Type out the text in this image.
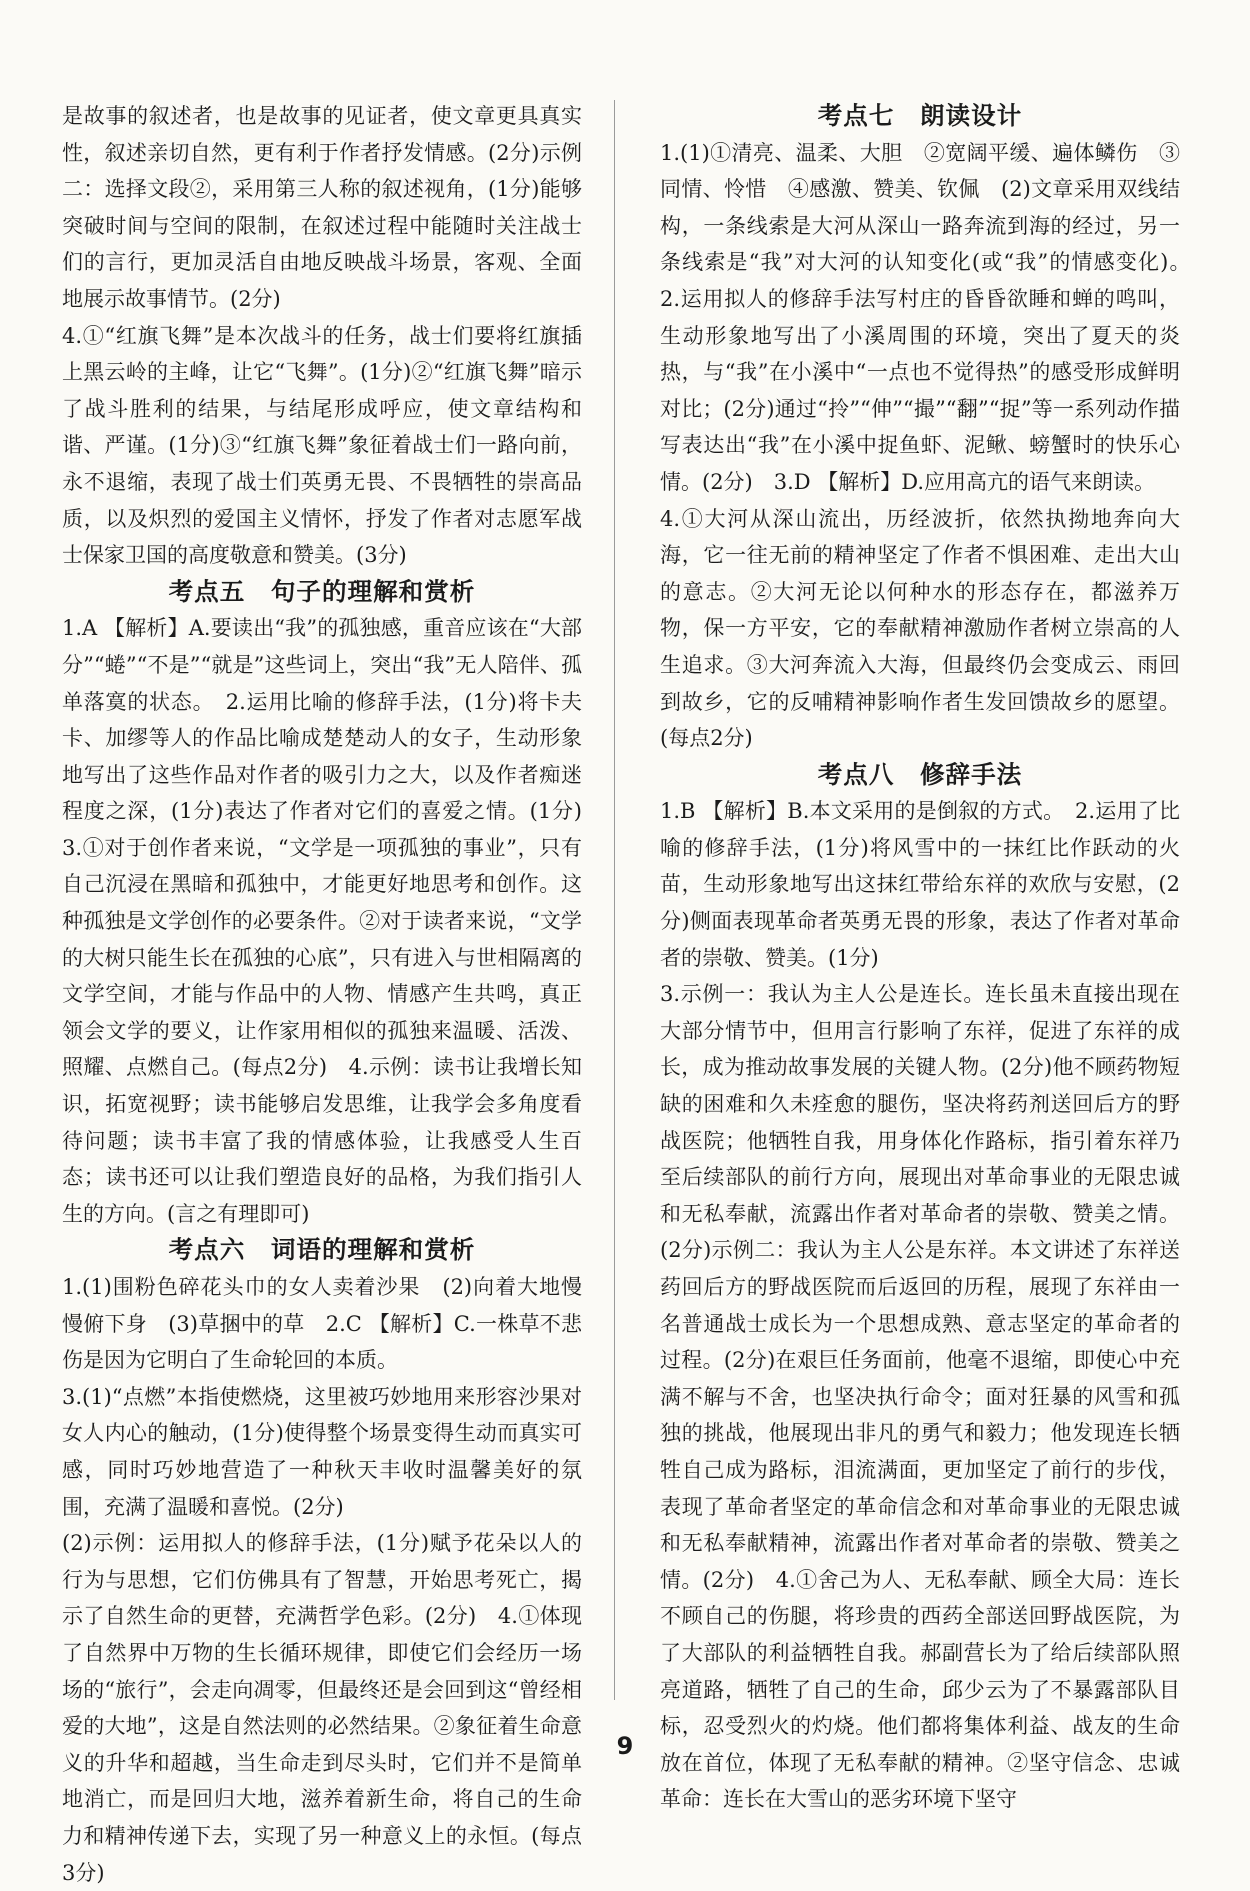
是故事的叙述者，也是故事的见证者，使文章更具真实性，叙述亲切自然，更有利于作者抒发情感。(2分)示例二：选择文段②，采用第三人称的叙述视角，(1分)能够突破时间与空间的限制，在叙述过程中能随时关注战士们的言行，更加灵活自由地反映战斗场景，客观、全面地展示故事情节。(2分)

4.①“红旗飞舞”是本次战斗的任务，战士们要将红旗插上黑云岭的主峰，让它“飞舞”。(1分)②“红旗飞舞”暗示了战斗胜利的结果，与结尾形成呼应，使文章结构和谐、严谨。(1分)③“红旗飞舞”象征着战士们一路向前，永不退缩，表现了战士们英勇无畏、不畏牺牲的崇高品质，以及炽烈的爱国主义情怀，抒发了作者对志愿军战士保家卫国的高度敬意和赞美。(3分)

考点五　句子的理解和赏析

1.A 【解析】A.要读出“我”的孤独感，重音应该在“大部分”“蜷”“不是”“就是”这些词上，突出“我”无人陪伴、孤单落寞的状态。　2.运用比喻的修辞手法，(1分)将卡夫卡、加缪等人的作品比喻成楚楚动人的女子，生动形象地写出了这些作品对作者的吸引力之大，以及作者痴迷程度之深，(1分)表达了作者对它们的喜爱之情。(1分)　3.①对于创作者来说，“文学是一项孤独的事业”，只有自己沉浸在黑暗和孤独中，才能更好地思考和创作。这种孤独是文学创作的必要条件。②对于读者来说，“文学的大树只能生长在孤独的心底”，只有进入与世相隔离的文学空间，才能与作品中的人物、情感产生共鸣，真正领会文学的要义，让作家用相似的孤独来温暖、活泼、照耀、点燃自己。(每点2分)　4.示例：读书让我增长知识，拓宽视野；读书能够启发思维，让我学会多角度看待问题；读书丰富了我的情感体验，让我感受人生百态；读书还可以让我们塑造良好的品格，为我们指引人生的方向。(言之有理即可)

考点六　词语的理解和赏析

1.(1)围粉色碎花头巾的女人卖着沙果　(2)向着大地慢慢俯下身　(3)草捆中的草　2.C 【解析】C.一株草不悲伤是因为它明白了生命轮回的本质。

3.(1)“点燃”本指使燃烧，这里被巧妙地用来形容沙果对女人内心的触动，(1分)使得整个场景变得生动而真实可感，同时巧妙地营造了一种秋天丰收时温馨美好的氛围，充满了温暖和喜悦。(2分)

(2)示例：运用拟人的修辞手法，(1分)赋予花朵以人的行为与思想，它们仿佛具有了智慧，开始思考死亡，揭示了自然生命的更替，充满哲学色彩。(2分)　4.①体现了自然界中万物的生长循环规律，即使它们会经历一场场的“旅行”，会走向凋零，但最终还是会回到这“曾经相爱的大地”，这是自然法则的必然结果。②象征着生命意义的升华和超越，当生命走到尽头时，它们并不是简单地消亡，而是回归大地，滋养着新生命，将自己的生命力和精神传递下去，实现了另一种意义上的永恒。(每点3分)

考点七　朗读设计

1.(1)①清亮、温柔、大胆　②宽阔平缓、遍体鳞伤　③同情、怜惜　④感激、赞美、钦佩　(2)文章采用双线结构，一条线索是大河从深山一路奔流到海的经过，另一条线索是“我”对大河的认知变化(或“我”的情感变化)。　2.运用拟人的修辞手法写村庄的昏昏欲睡和蝉的鸣叫，生动形象地写出了小溪周围的环境，突出了夏天的炎热，与“我”在小溪中“一点也不觉得热”的感受形成鲜明对比；(2分)通过“拎”“伸”“撮”“翻”“捉”等一系列动作描写表达出“我”在小溪中捉鱼虾、泥鳅、螃蟹时的快乐心情。(2分)　3.D 【解析】D.应用高亢的语气来朗读。

4.①大河从深山流出，历经波折，依然执拗地奔向大海，它一往无前的精神坚定了作者不惧困难、走出大山的意志。②大河无论以何种水的形态存在，都滋养万物，保一方平安，它的奉献精神激励作者树立崇高的人生追求。③大河奔流入大海，但最终仍会变成云、雨回到故乡，它的反哺精神影响作者生发回馈故乡的愿望。(每点2分)

考点八　修辞手法

1.B 【解析】B.本文采用的是倒叙的方式。　2.运用了比喻的修辞手法，(1分)将风雪中的一抹红比作跃动的火苗，生动形象地写出这抹红带给东祥的欢欣与安慰，(2分)侧面表现革命者英勇无畏的形象，表达了作者对革命者的崇敬、赞美。(1分)

3.示例一：我认为主人公是连长。连长虽未直接出现在大部分情节中，但用言行影响了东祥，促进了东祥的成长，成为推动故事发展的关键人物。(2分)他不顾药物短缺的困难和久未痊愈的腿伤，坚决将药剂送回后方的野战医院；他牺牲自我，用身体化作路标，指引着东祥乃至后续部队的前行方向，展现出对革命事业的无限忠诚和无私奉献，流露出作者对革命者的崇敬、赞美之情。(2分)示例二：我认为主人公是东祥。本文讲述了东祥送药回后方的野战医院而后返回的历程，展现了东祥由一名普通战士成长为一个思想成熟、意志坚定的革命者的过程。(2分)在艰巨任务面前，他毫不退缩，即使心中充满不解与不舍，也坚决执行命令；面对狂暴的风雪和孤独的挑战，他展现出非凡的勇气和毅力；他发现连长牺牲自己成为路标，泪流满面，更加坚定了前行的步伐，表现了革命者坚定的革命信念和对革命事业的无限忠诚和无私奉献精神，流露出作者对革命者的崇敬、赞美之情。(2分)　4.①舍己为人、无私奉献、顾全大局：连长不顾自己的伤腿，将珍贵的西药全部送回野战医院，为了大部队的利益牺牲自我。郝副营长为了给后续部队照亮道路，牺牲了自己的生命，邱少云为了不暴露部队目标，忍受烈火的灼烧。他们都将集体利益、战友的生命放在首位，体现了无私奉献的精神。②坚守信念、忠诚革命：连长在大雪山的恶劣环境下坚守

9
